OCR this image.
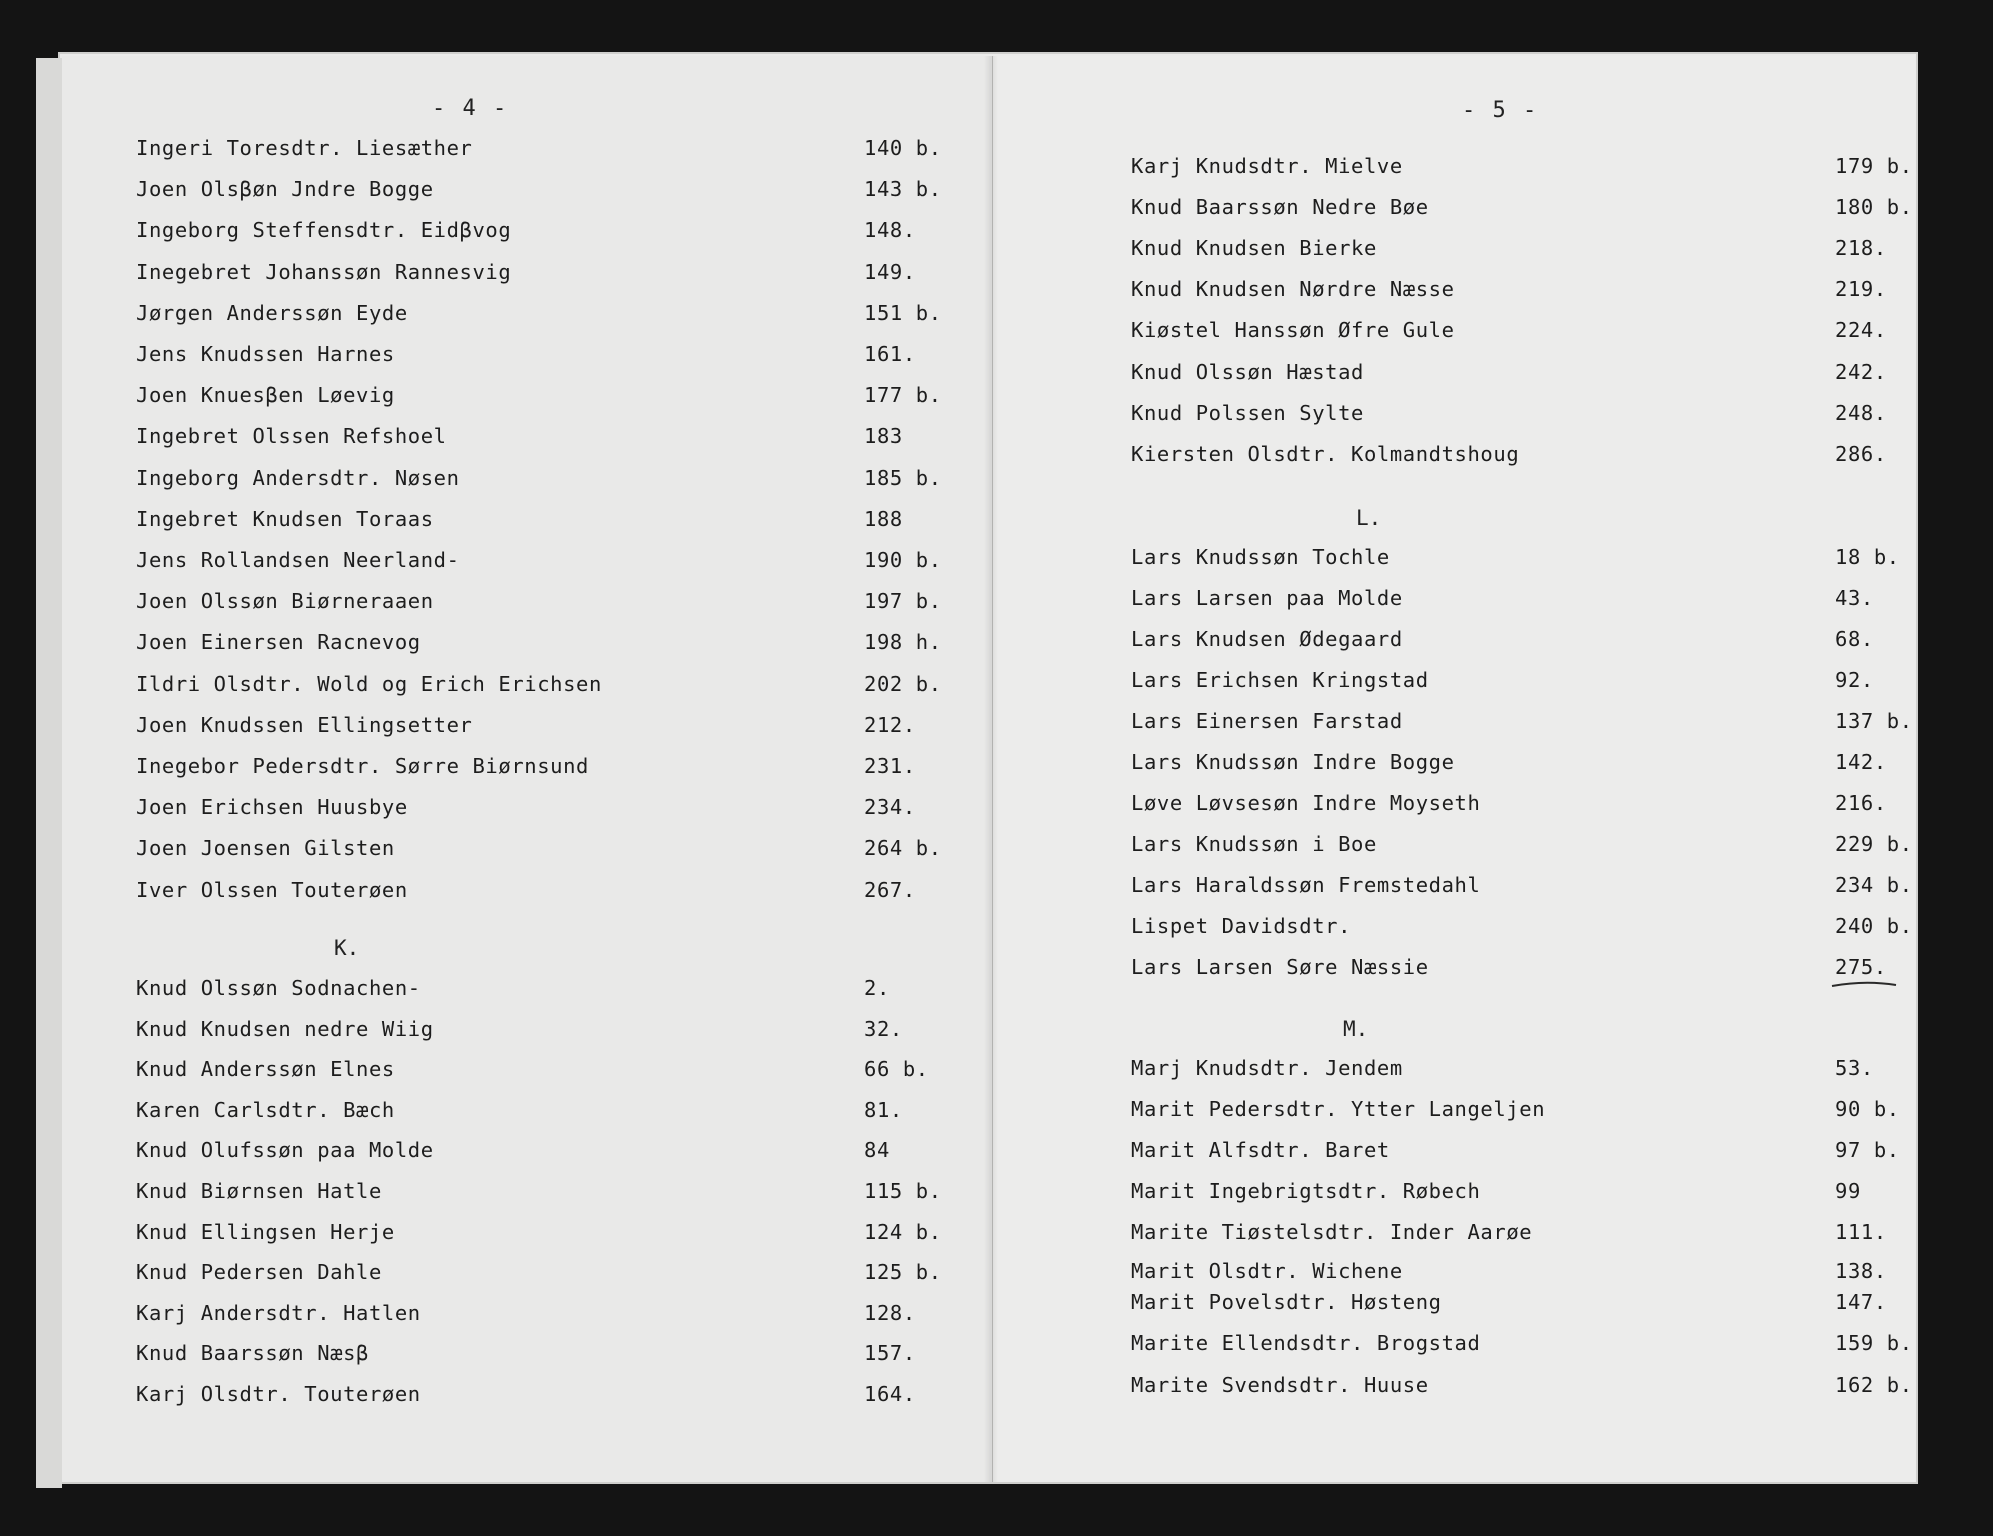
- 4 -	- 5 -
Ingeri Toresdtr. Liesæther	140 b.
Joen Olsβøn Jndre Bogge	143 b.
Ingeborg Steffensdtr. Eidβvog	148.
Inegebret Johanssøn Rannesvig	149.
Jørgen Anderssøn Eyde	151 b.
Jens Knudssen Harnes	161.
Joen Knuesβen Løevig	177 b.
Ingebret Olssen Refshoel	183
Ingeborg Andersdtr. Nøsen	185 b.
Ingebret Knudsen Toraas	188
Jens Rollandsen Neerland-	190 b.
Joen Olssøn Biørneraaen	197 b.
Joen Einersen Racnevog	198 h.
Ildri Olsdtr. Wold og Erich Erichsen	202 b.
Joen Knudssen Ellingsetter	212.
Inegebor Pedersdtr. Sørre Biørnsund	231.
Joen Erichsen Huusbye	234.
Joen Joensen Gilsten	264 b.
Iver Olssen Touterøen	267.
K.
Knud Olssøn Sodnachen-	2.
Knud Knudsen nedre Wiig	32.
Knud Anderssøn Elnes	66 b.
Karen Carlsdtr. Bæch	81.
Knud Olufssøn paa Molde	84
Knud Biørnsen Hatle	115 b.
Knud Ellingsen Herje	124 b.
Knud Pedersen Dahle	125 b.
Karj Andersdtr. Hatlen	128.
Knud Baarssøn Næsβ	157.
Karj Olsdtr. Touterøen	164.
Karj Knudsdtr. Mielve	179 b.
Knud Baarssøn Nedre Bøe	180 b.
Knud Knudsen Bierke	218.
Knud Knudsen Nørdre Næsse	219.
Kiøstel Hanssøn Øfre Gule	224.
Knud Olssøn Hæstad	242.
Knud Polssen Sylte	248.
Kiersten Olsdtr. Kolmandtshoug	286.
L.
Lars Knudssøn Tochle	18 b.
Lars Larsen paa Molde	43.
Lars Knudsen Ødegaard	68.
Lars Erichsen Kringstad	92.
Lars Einersen Farstad	137 b.
Lars Knudssøn Indre Bogge	142.
Løve Løvsesøn Indre Moyseth	216.
Lars Knudssøn i Boe	229 b.
Lars Haraldssøn Fremstedahl	234 b.
Lispet Davidsdtr.	240 b.
Lars Larsen Søre Næssie	275.
M.
Marj Knudsdtr. Jendem	53.
Marit Pedersdtr. Ytter Langeljen	90 b.
Marit Alfsdtr. Baret	97 b.
Marit Ingebrigtsdtr. Røbech	99
Marite Tiøstelsdtr. Inder Aarøe	111.
Marit Olsdtr. Wichene	138.
Marit Povelsdtr. Høsteng	147.
Marite Ellendsdtr. Brogstad	159 b.
Marite Svendsdtr. Huuse	162 b.
